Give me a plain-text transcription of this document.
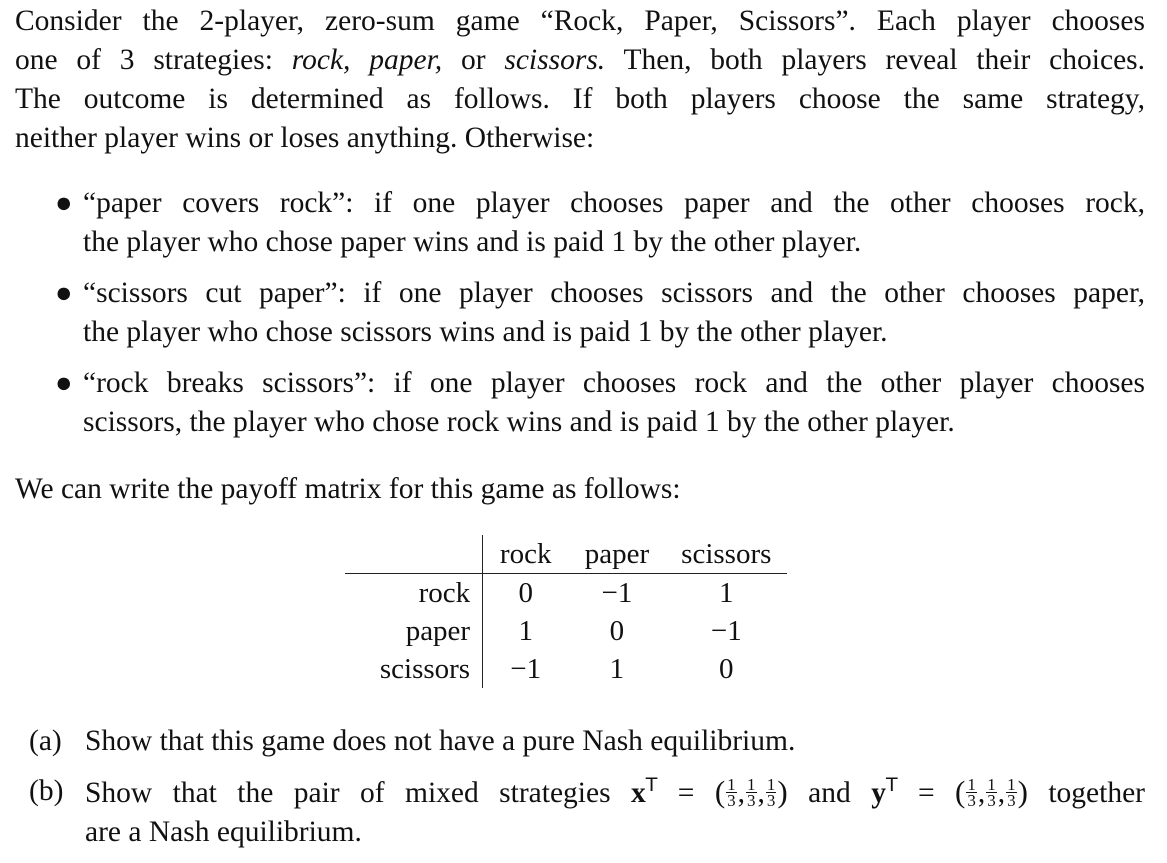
Consider the 2-player, zero-sum game “Rock, Paper, Scissors”. Each player chooses
one of 3 strategies: rock, paper, or scissors. Then, both players reveal their choices.
The outcome is determined as follows. If both players choose the same strategy,
neither player wins or loses anything. Otherwise:

● “paper covers rock”: if one player chooses paper and the other chooses rock,
the player who chose paper wins and is paid 1 by the other player.
● “scissors cut paper”: if one player chooses scissors and the other chooses paper,
the player who chose scissors wins and is paid 1 by the other player.
● “rock breaks scissors”: if one player chooses rock and the other player chooses
scissors, the player who chose rock wins and is paid 1 by the other player.

We can write the payoff matrix for this game as follows:

	rock	paper	scissors
rock	0	−1	1
paper	1	0	−1
scissors	−1	1	0
(a) Show that this game does not have a pure Nash equilibrium.
(b) Show that the pair of mixed strategies $x^T$ = ( $\frac{1}{3}$ , $\frac{1}{3}$ , $\frac{1}{3}$ ) and $y^T$ = ( $\frac{1}{3}$ , $\frac{1}{3}$ , $\frac{1}{3}$ ) together
are a Nash equilibrium.
